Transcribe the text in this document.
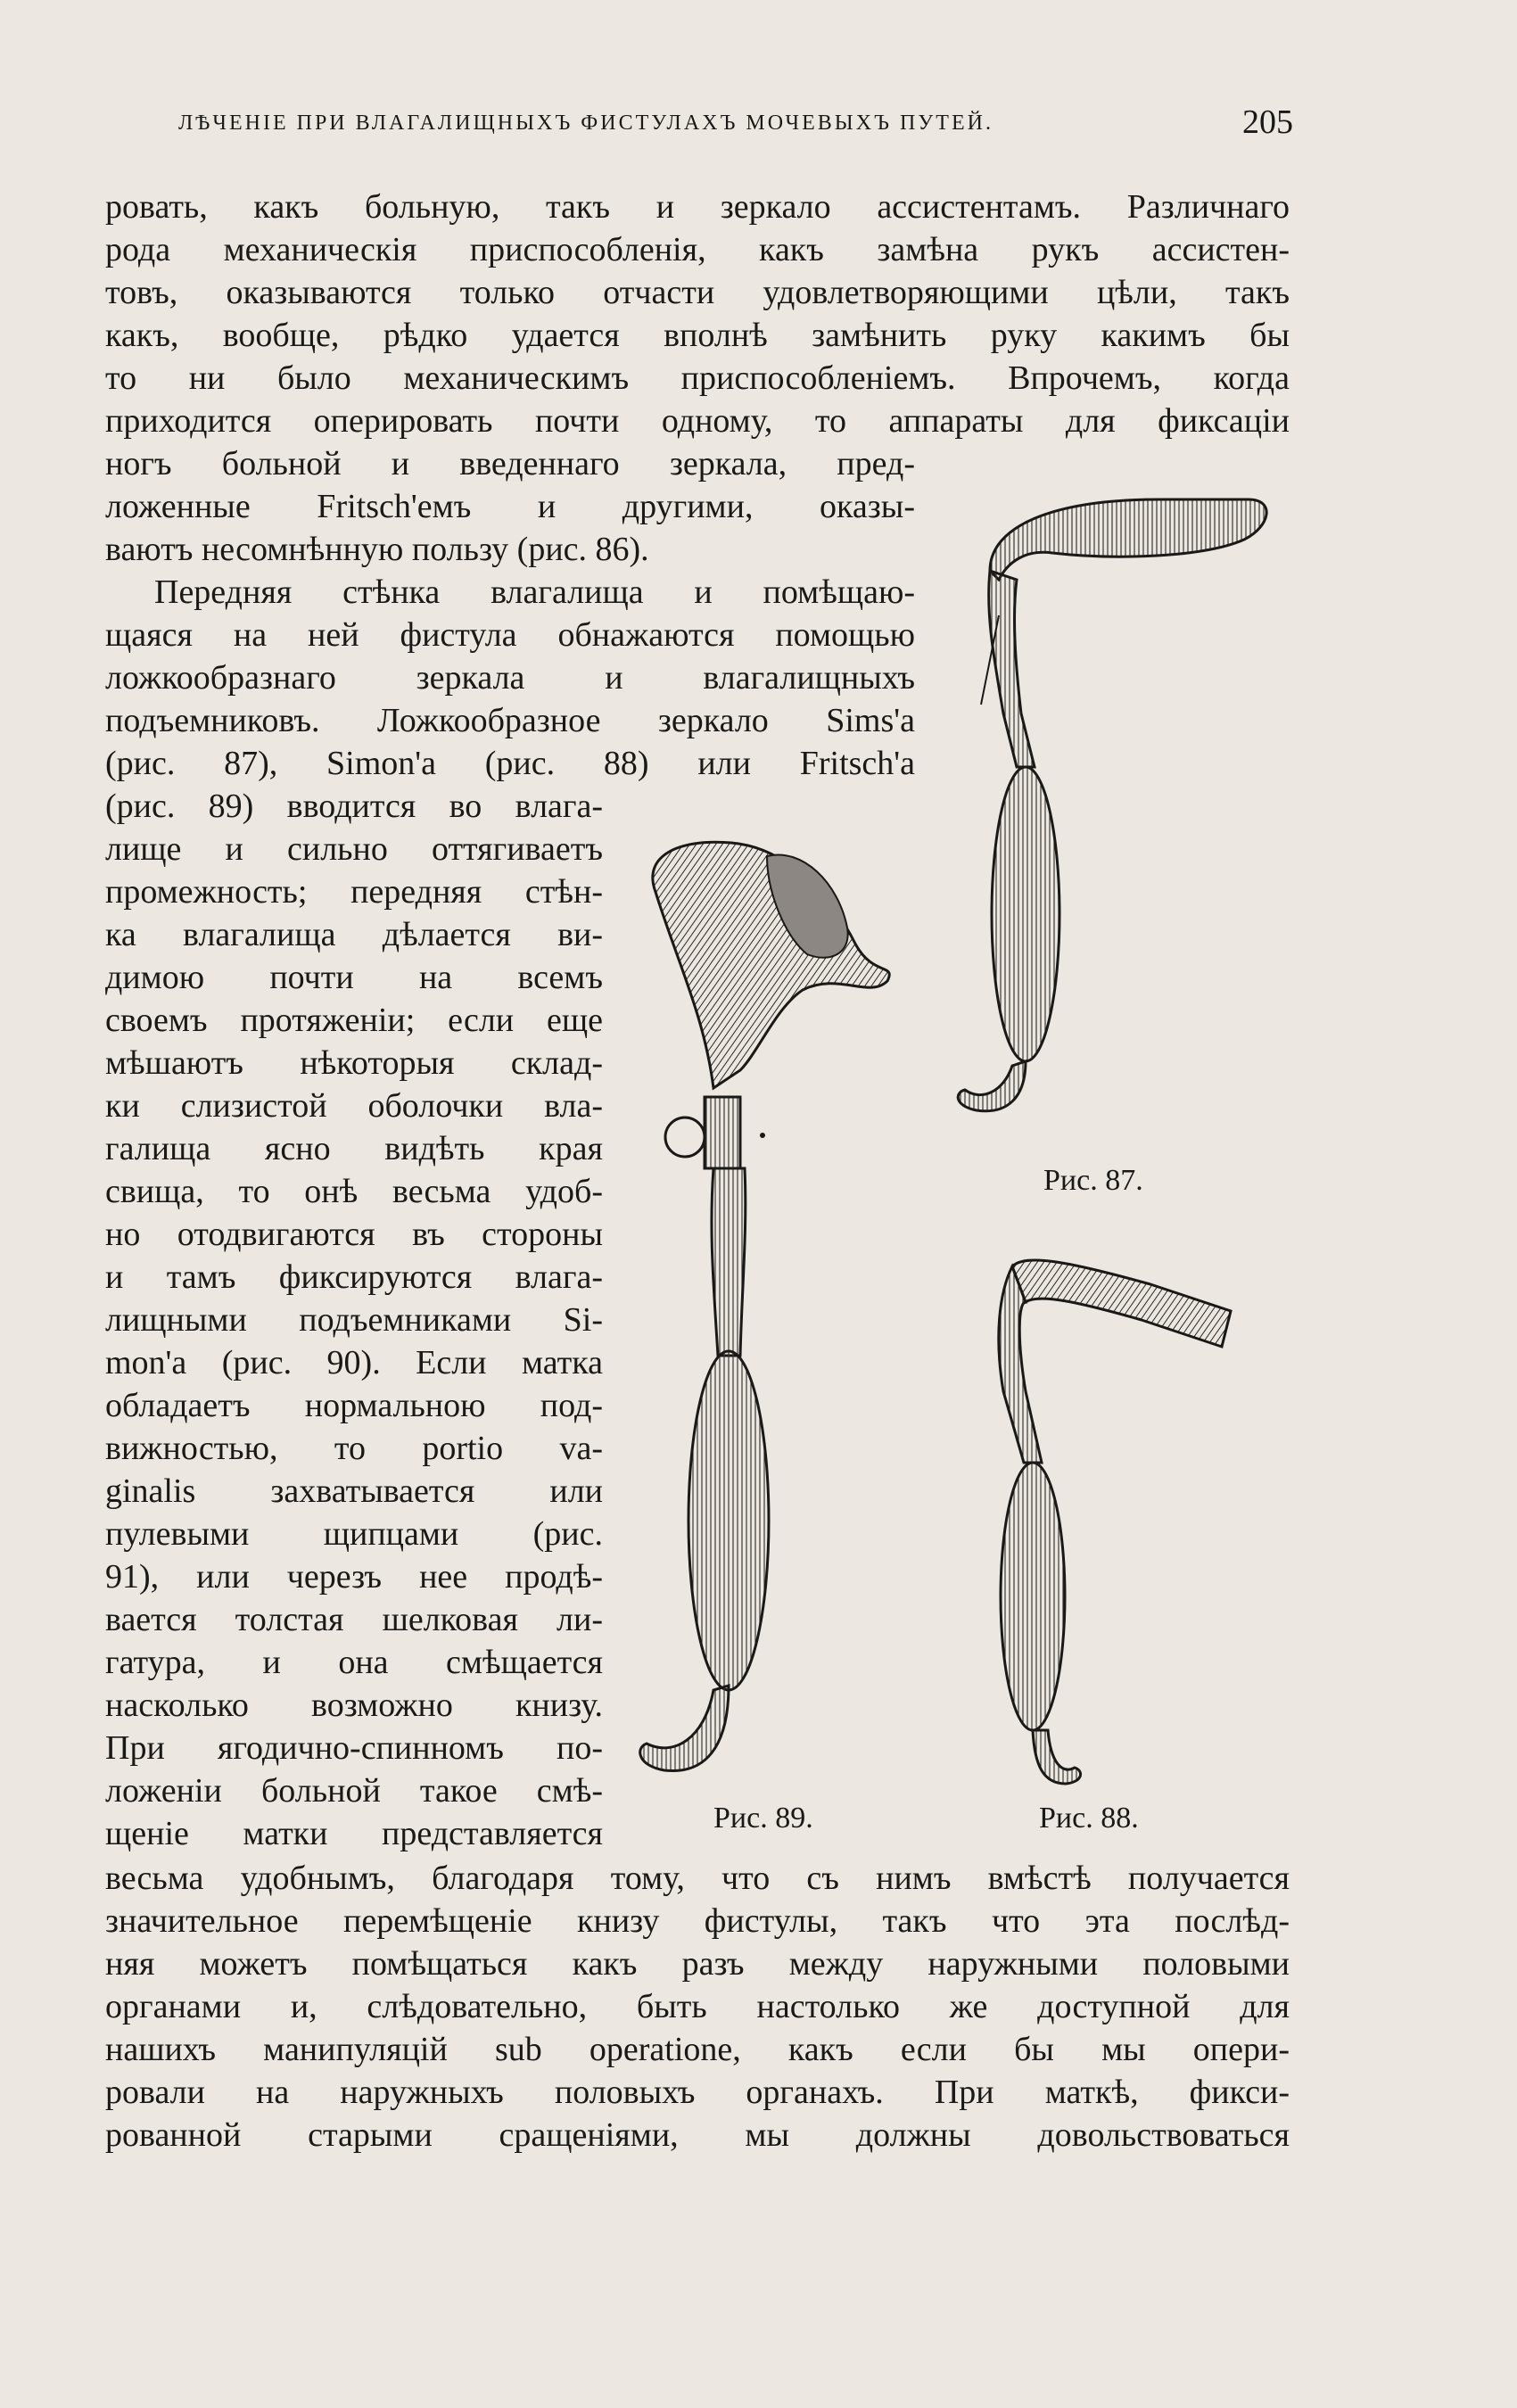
ЛѢЧЕНІЕ ПРИ ВЛАГАЛИЩНЫХЪ ФИСТУЛАХЪ МОЧЕВЫХЪ ПУТЕЙ.	205
ровать, какъ больную, такъ и зеркало ассистентамъ. Различнаго
рода механическія приспособленія, какъ замѣна рукъ ассистен-
товъ, оказываются только отчасти удовлетворяющими цѣли, такъ
какъ, вообще, рѣдко удается вполнѣ замѣнить руку какимъ бы
то ни было механическимъ приспособленіемъ. Впрочемъ, когда
приходится оперировать почти одному, то аппараты для фиксаціи
ногъ больной и введеннаго зеркала, пред-
ложенные Fritsch'емъ и другими, оказы-
ваютъ несомнѣнную пользу (рис. 86).
Передняя стѣнка влагалища и помѣщаю-
щаяся на ней фистула обнажаются помощью
ложкообразнаго зеркала и влагалищныхъ
подъемниковъ. Ложкообразное зеркало Sims'а
(рис. 87), Simon'а (рис. 88) или Fritsch'а
(рис. 89) вводится во влага-
лище и сильно оттягиваетъ
промежность; передняя стѣн-
ка влагалища дѣлается ви-
димою почти на всемъ
своемъ протяженіи; если еще
мѣшаютъ нѣкоторыя склад-
ки слизистой оболочки вла-
галища ясно видѣть края
свища, то онѣ весьма удоб-
но отодвигаются въ стороны
и тамъ фиксируются влага-
лищными подъемниками Si-
mon'а (рис. 90). Если матка
обладаетъ нормальною под-
вижностью, то portio va-
ginalis захватывается или
пулевыми щипцами (рис.
91), или черезъ нее продѣ-
вается толстая шелковая ли-
гатура, и она смѣщается
насколько возможно книзу.
При ягодично-спинномъ по-
ложеніи больной такое смѣ-
щеніе матки представляется
весьма удобнымъ, благодаря тому, что съ нимъ вмѣстѣ получается
значительное перемѣщеніе книзу фистулы, такъ что эта послѣд-
няя можетъ помѣщаться какъ разъ между наружными половыми
органами и, слѣдовательно, быть настолько же доступной для
нашихъ манипуляцій sub operatione, какъ если бы мы опери-
ровали на наружныхъ половыхъ органахъ. При маткѣ, фикси-
рованной старыми сращеніями, мы должны довольствоваться
Рис. 87.
Рис. 88.
Рис. 89.
